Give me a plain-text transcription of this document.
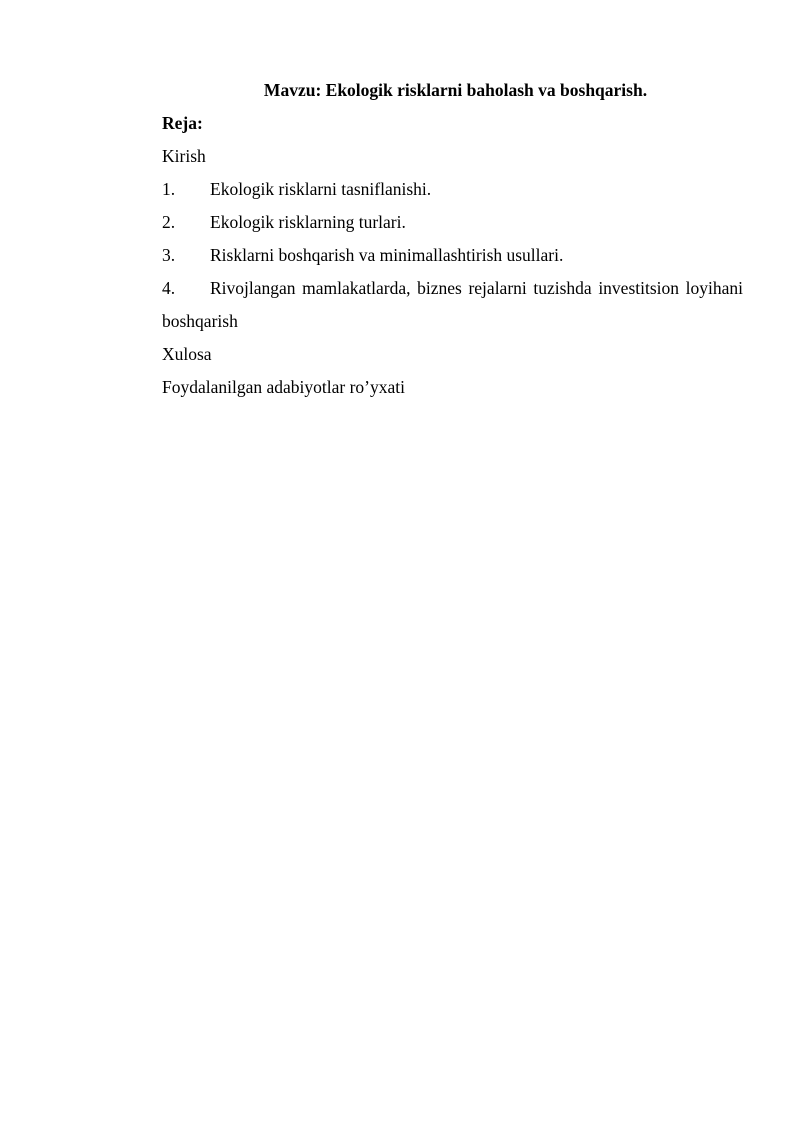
Mavzu: Ekologik risklarni baholash va boshqarish.
Reja:
Kirish
1.	Ekologik risklarni tasniflanishi.
2.	Ekologik risklarning turlari.
3.	Risklarni boshqarish va minimallashtirish usullari.
4. Rivojlangan mamlakatlarda, biznes rejalarni tuzishda investitsion loyihani boshqarish
Xulosa
Foydalanilgan adabiyotlar ro’yxati
